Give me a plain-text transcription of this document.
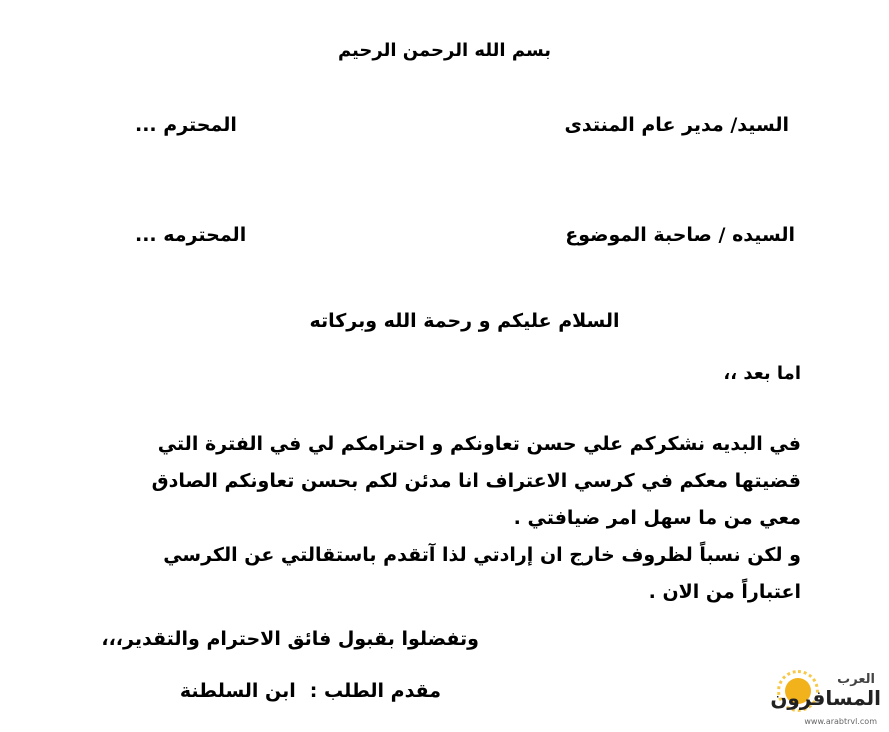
بسم الله الرحمن الرحيم
السيد/ مدير عام المنتدى
المحترم ...
السيده / صاحبة الموضوع
المحترمه ...
السلام عليكم و رحمة الله وبركاته
اما بعد ،،

في البديه نشكركم علي حسن تعاونكم و احترامكم لي في الفترة التي قضيتها معكم في كرسي الاعتراف انا مدئن لكم بحسن تعاونكم الصادق معي من ما سهل امر ضيافتي .

و لكن نسباً لظروف خارج ان إرادتي لذا آتقدم باستقالتي عن الكرسي اعتباراً من الان .

وتفضلوا بقبول فائق الاحترام والتقدير،،،
مقدم الطلب :ابن السلطنة
العرب
المسافرون
www.arabtrvl.com
